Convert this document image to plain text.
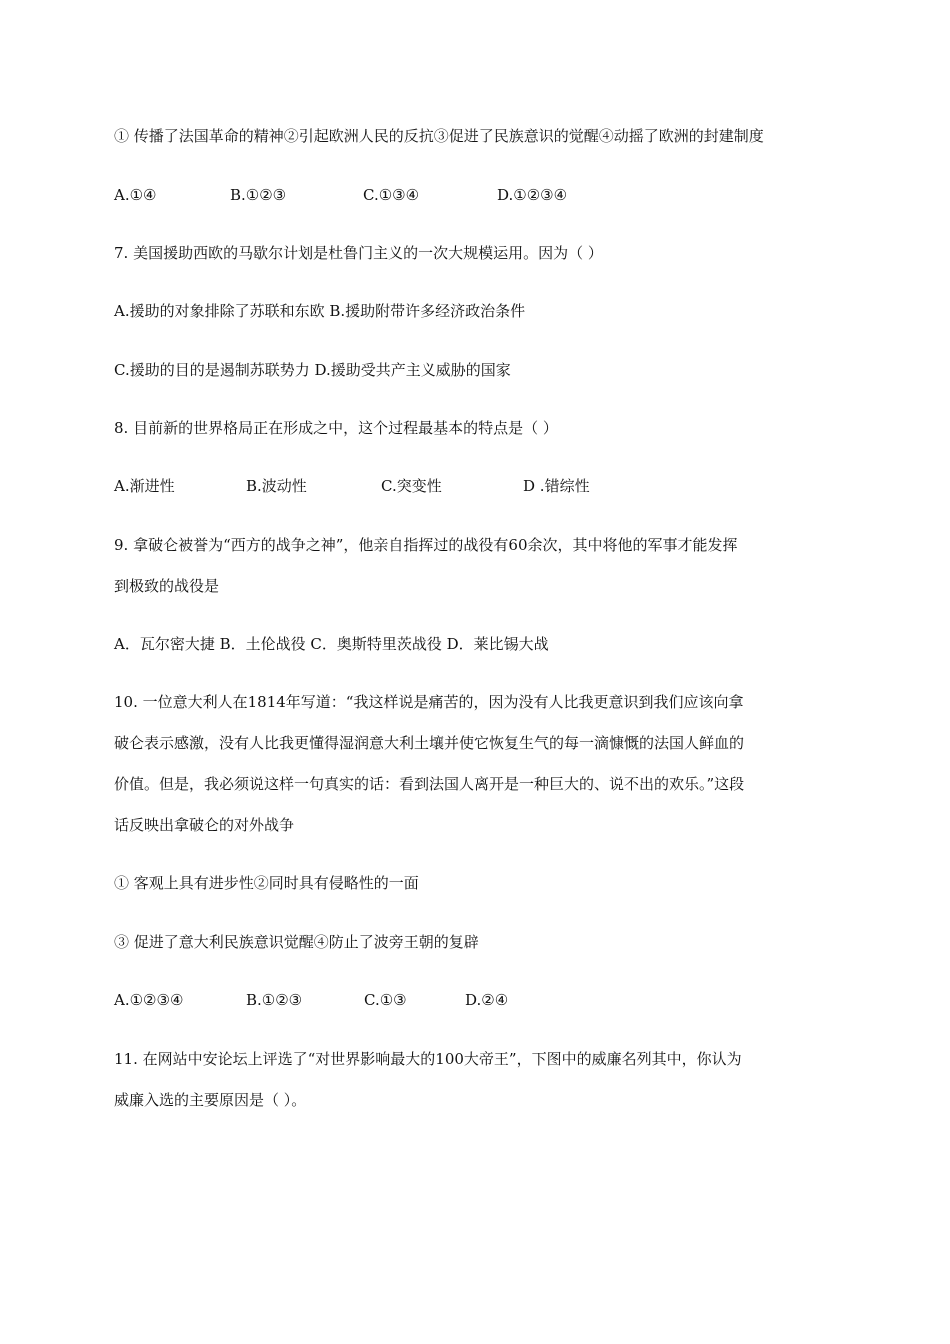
① 传播了法国革命的精神②引起欧洲人民的反抗③促进了民族意识的觉醒④动摇了欧洲的封建制度
A.①④	B.①②③	C.①③④	D.①②③④
7. 美国援助西欧的马歇尔计划是杜鲁门主义的一次大规模运用。因为（ ）
A.援助的对象排除了苏联和东欧 B.援助附带许多经济政治条件
C.援助的目的是遏制苏联势力 D.援助受共产主义威胁的国家
8. 目前新的世界格局正在形成之中，这个过程最基本的特点是（ ）
A.渐进性	B.波动性	C.突变性	D .错综性
9. 拿破仑被誉为“西方的战争之神”，他亲自指挥过的战役有60余次，其中将他的军事才能发挥
到极致的战役是
A．瓦尔密大捷 B．土伦战役 C．奥斯特里茨战役 D．莱比锡大战
10. 一位意大利人在1814年写道：“我这样说是痛苦的，因为没有人比我更意识到我们应该向拿
破仑表示感激，没有人比我更懂得湿润意大利土壤并使它恢复生气的每一滴慷慨的法国人鲜血的
价值。但是，我必须说这样一句真实的话：看到法国人离开是一种巨大的、说不出的欢乐。”这段
话反映出拿破仑的对外战争
① 客观上具有进步性②同时具有侵略性的一面
③ 促进了意大利民族意识觉醒④防止了波旁王朝的复辟
A.①②③④	B.①②③	C.①③	D.②④
11. 在网站中安论坛上评选了“对世界影响最大的100大帝王”，下图中的威廉名列其中，你认为
威廉入选的主要原因是（ ）。
